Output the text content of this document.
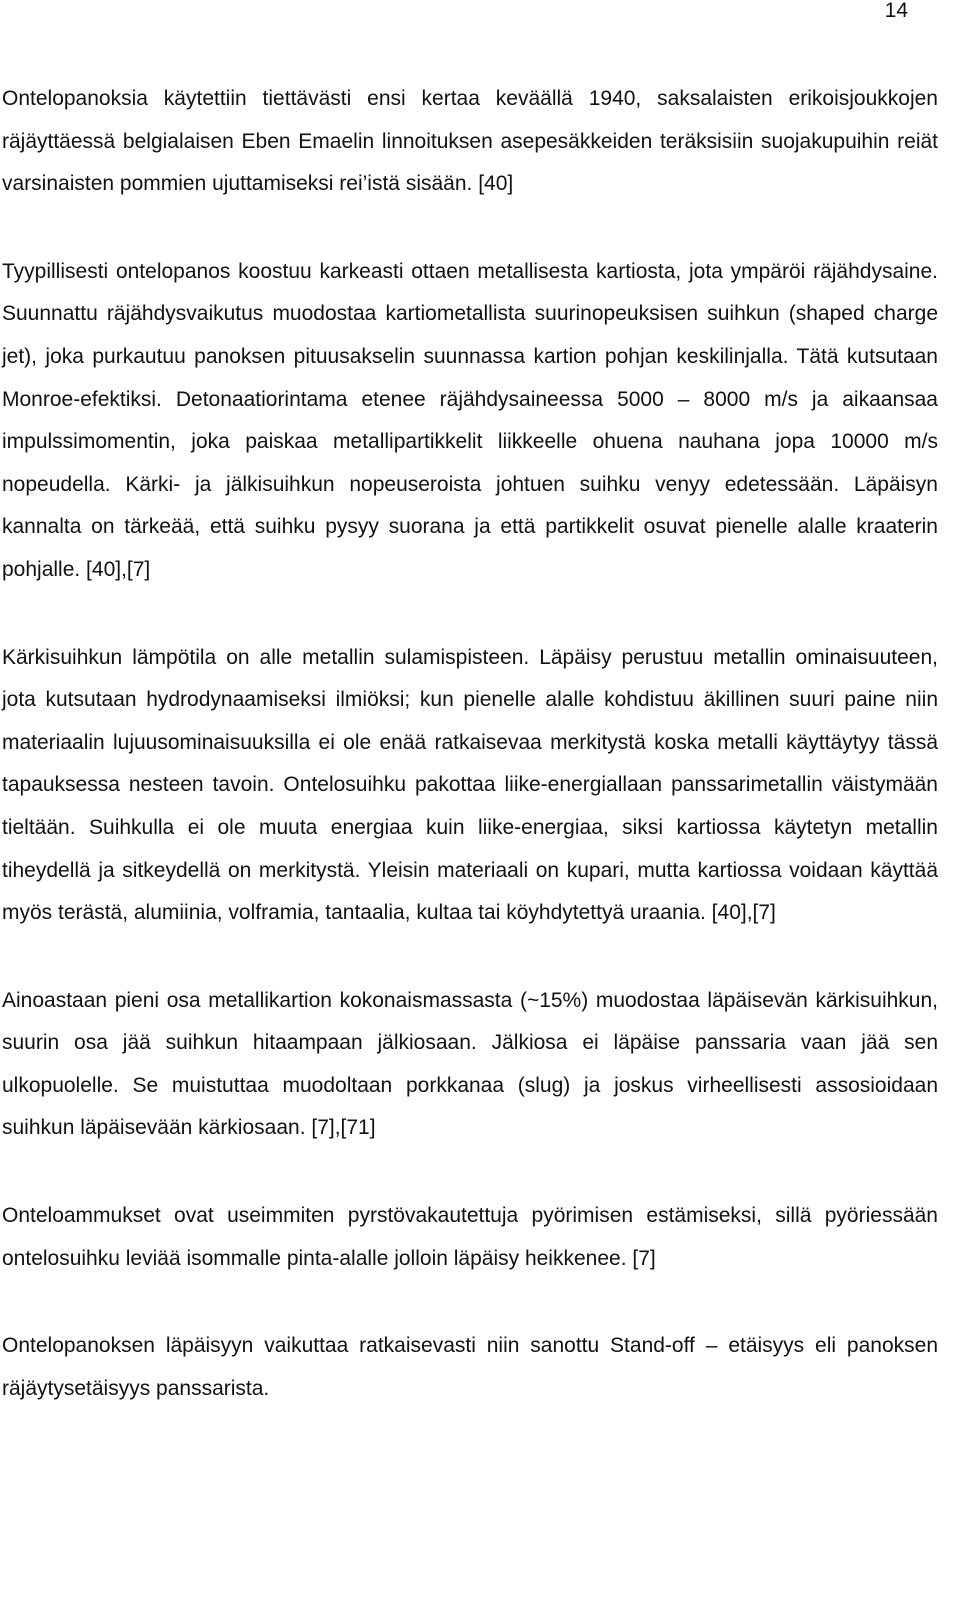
14

Ontelopanoksia käytettiin tiettävästi ensi kertaa keväällä 1940, saksalaisten erikoisjoukkojen räjäyttäessä belgialaisen Eben Emaelin linnoituksen asepesäkkeiden teräksisiin suojakupuihin reiät varsinaisten pommien ujuttamiseksi rei’istä sisään. [40]

Tyypillisesti ontelopanos koostuu karkeasti ottaen metallisesta kartiosta, jota ympäröi räjähdysaine. Suunnattu räjähdysvaikutus muodostaa kartiometallista suurinopeuksisen suihkun (shaped charge jet), joka purkautuu panoksen pituusakselin suunnassa kartion pohjan keskilinjalla. Tätä kutsutaan Monroe-efektiksi. Detonaatiorintama etenee räjähdysaineessa 5000 – 8000 m/s ja aikaansaa impulssimomentin, joka paiskaa metallipartikkelit liikkeelle ohuena nauhana jopa 10000 m/s nopeudella. Kärki- ja jälkisuihkun nopeuseroista johtuen suihku venyy edetessään. Läpäisyn kannalta on tärkeää, että suihku pysyy suorana ja että partikkelit osuvat pienelle alalle kraaterin pohjalle. [40],[7]

Kärkisuihkun lämpötila on alle metallin sulamispisteen. Läpäisy perustuu metallin ominaisuuteen, jota kutsutaan hydrodynaamiseksi ilmiöksi; kun pienelle alalle kohdistuu äkillinen suuri paine niin materiaalin lujuusominaisuuksilla ei ole enää ratkaisevaa merkitystä koska metalli käyttäytyy tässä tapauksessa nesteen tavoin. Ontelosuihku pakottaa liike-energiallaan panssarimetallin väistymään tieltään. Suihkulla ei ole muuta energiaa kuin liike-energiaa, siksi kartiossa käytetyn metallin tiheydellä ja sitkeydellä on merkitystä. Yleisin materiaali on kupari, mutta kartiossa voidaan käyttää myös terästä, alumiinia, volframia, tantaalia, kultaa tai köyhdytettyä uraania. [40],[7]

Ainoastaan pieni osa metallikartion kokonaismassasta (~15%) muodostaa läpäisevän kärkisuihkun, suurin osa jää suihkun hitaampaan jälkiosaan. Jälkiosa ei läpäise panssaria vaan jää sen ulkopuolelle. Se muistuttaa muodoltaan porkkanaa (slug) ja joskus virheellisesti assosioidaan suihkun läpäisevään kärkiosaan. [7],[71]

Onteloammukset ovat useimmiten pyrstövakautettuja pyörimisen estämiseksi, sillä pyöriessään ontelosuihku leviää isommalle pinta-alalle jolloin läpäisy heikkenee. [7]

Ontelopanoksen läpäisyyn vaikuttaa ratkaisevasti niin sanottu Stand-off – etäisyys eli panoksen räjäytysetäisyys panssarista.
